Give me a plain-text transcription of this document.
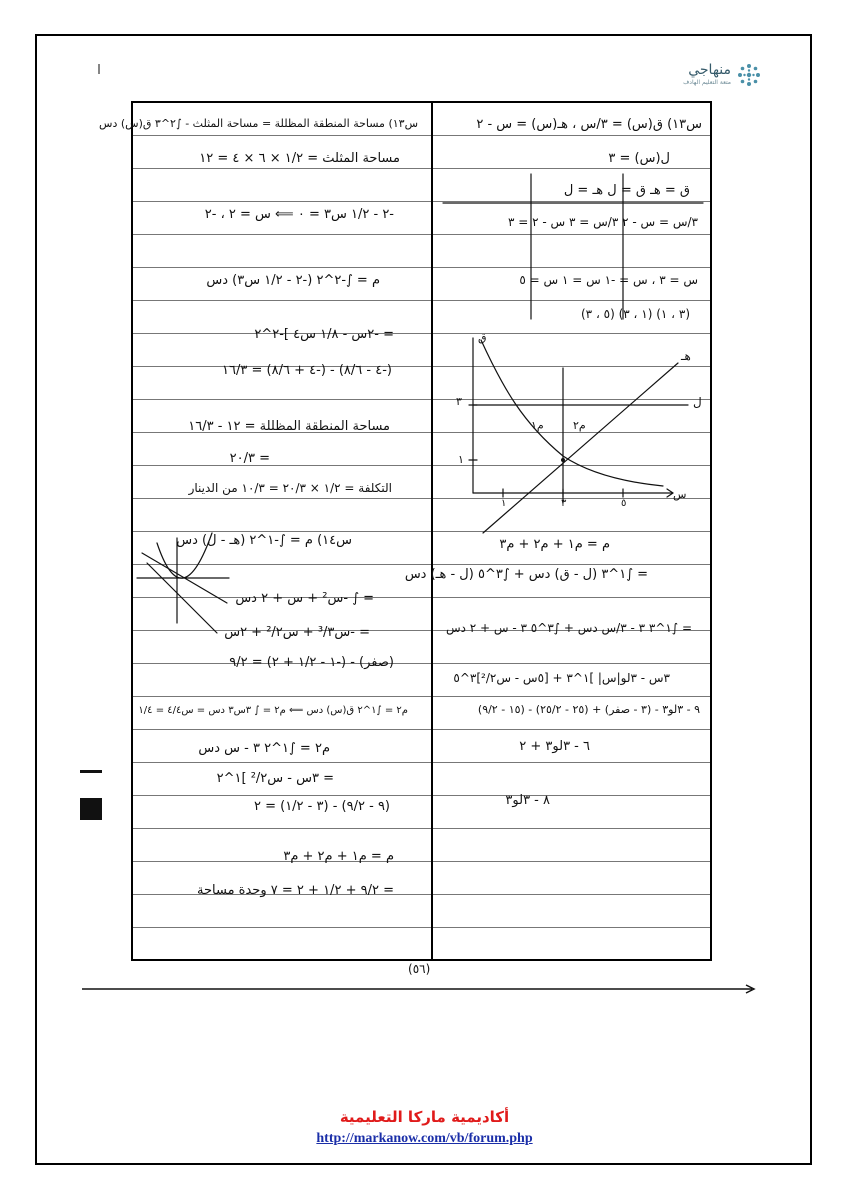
منهاجي
متعة التعليم الهادف
س١٣) ق(س) = ٣/س ، هـ(س) = س - ٢
ل(س) = ٣
ق = هـ ق = ل هـ = ل
٣/س = س - ٢ ٣/س = ٣ س - ٢ = ٣
س = ٣ ، س = -١ س = ١ س = ٥
(٣ ، ١) (١ ، ٣) (٥ ، ٣)
ق
هـ
ل
٣
١
١	٣	٥
س
م١	م٢
م = م١ + م٢ + م٣
= ∫١^٣ (ل - ق) دس + ∫٣^٥ (ل - هـ) دس
= ∫١^٣ ٣ - ٣/س دس + ∫٣^٥ ٣ - س + ٢ دس
٣س - ٣لو|س| ]١^٣ + [٥س - س²/٢]٣^٥
٩ - ٣لو٣ - (٣ - صفر) + (٢٥ - ٢٥/٢) - (١٥ - ٩/٢)
٦ - ٣لو٣ + ٢
٨ - ٣لو٣
س١٣) مساحة المنطقة المظللة = مساحة المثلث - ∫٢^٣ ق(س) دس
مساحة المثلث = ١/٢ × ٦ × ٤ = ١٢
-٢ - ١/٢ س٣ = ٠ ⟸ س = ٢ ، -٢
م = ∫-٢^٢ (-٢ - ١/٢ س٣) دس
= -٢س - ١/٨ س٤ ]-٢^٢
(-٤ - ٨/٦) - (-٤ + ٨/٦) = ١٦/٣
مساحة المنطقة المظللة = ١٢ - ١٦/٣
= ٢٠/٣
التكلفة = ١/٢ × ٢٠/٣ = ١٠/٣ من الدينار
س١٤) م = ∫-١^٢ (هـ - ل) دس
= ∫ -س² + س + ٢ دس
= -س³/٣ + س²/٢ + ٢س
(صفر) - (-١ - ١/٢ + ٢) = ٩/٢
م٢ = ∫١^٢ ق(س) دس ⟸ م٢ = ∫ ٣س٣ دس = س٤/٤ = ١/٤
م٢ = ∫١^٢ ٣ - س دس
= ٣س - س²/٢ ]١^٢
(٩ - ٩/٢) - (٣ - ١/٢) = ٢
م = م١ + م٢ + م٣
= ٩/٢ + ١/٢ + ٢ = ٧ وحدة مساحة
(٥٦)
أكاديمية ماركا التعليمية
http://markanow.com/vb/forum.php
